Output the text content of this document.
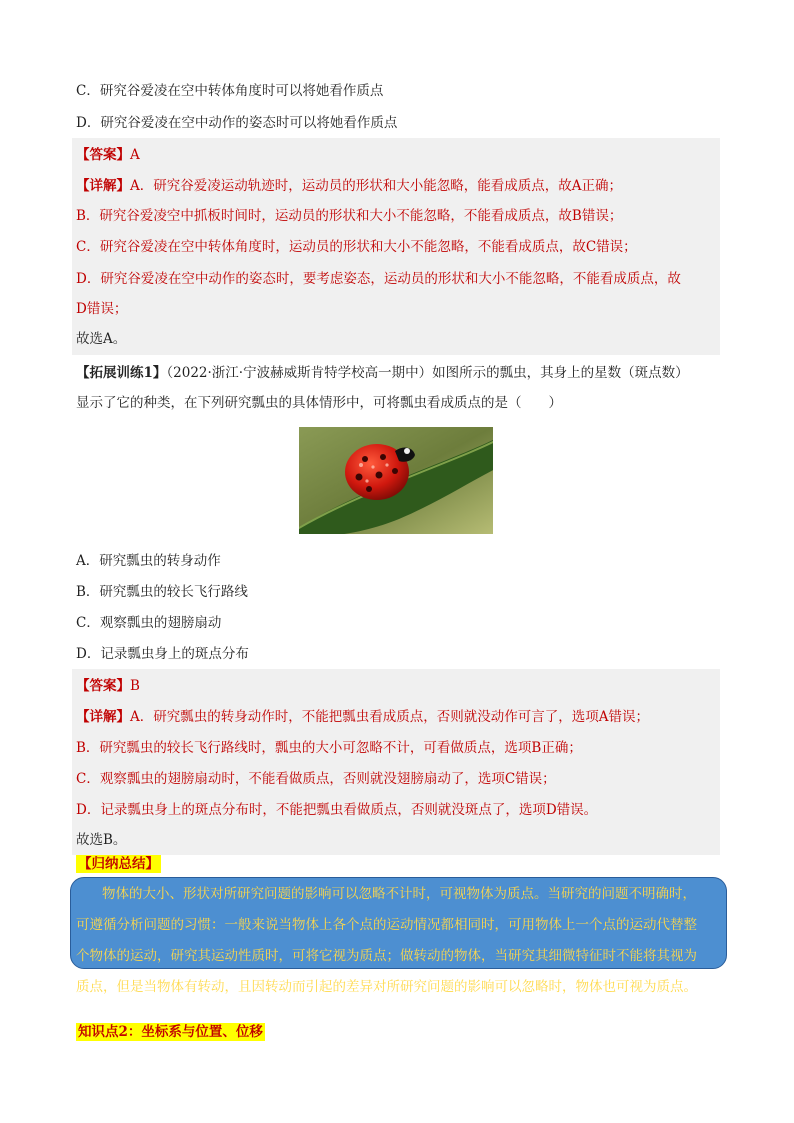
C．研究谷爱凌在空中转体角度时可以将她看作质点
D．研究谷爱凌在空中动作的姿态时可以将她看作质点
【答案】A
【详解】A．研究谷爱凌运动轨迹时，运动员的形状和大小能忽略，能看成质点，故A正确；
B．研究谷爱凌空中抓板时间时，运动员的形状和大小不能忽略，不能看成质点，故B错误；
C．研究谷爱凌在空中转体角度时，运动员的形状和大小不能忽略，不能看成质点，故C错误；
D．研究谷爱凌在空中动作的姿态时，要考虑姿态，运动员的形状和大小不能忽略，不能看成质点，故
D错误；
故选A。
【拓展训练1】（2022·浙江·宁波赫威斯肯特学校高一期中）如图所示的瓢虫，其身上的星数（斑点数）
显示了它的种类，在下列研究瓢虫的具体情形中，可将瓢虫看成质点的是（　　）
A．研究瓢虫的转身动作
B．研究瓢虫的较长飞行路线
C．观察瓢虫的翅膀扇动
D．记录瓢虫身上的斑点分布
【答案】B
【详解】A．研究瓢虫的转身动作时，不能把瓢虫看成质点，否则就没动作可言了，选项A错误；
B．研究瓢虫的较长飞行路线时，瓢虫的大小可忽略不计，可看做质点，选项B正确；
C．观察瓢虫的翅膀扇动时，不能看做质点，否则就没翅膀扇动了，选项C错误；
D．记录瓢虫身上的斑点分布时，不能把瓢虫看做质点，否则就没斑点了，选项D错误。
故选B。
【归纳总结】
物体的大小、形状对所研究问题的影响可以忽略不计时，可视物体为质点。当研究的问题不明确时，
可遵循分析问题的习惯：一般来说当物体上各个点的运动情况都相同时，可用物体上一个点的运动代替整
个物体的运动，研究其运动性质时，可将它视为质点；做转动的物体，当研究其细微特征时不能将其视为
质点，但是当物体有转动，且因转动而引起的差异对所研究问题的影响可以忽略时，物体也可视为质点。
知识点2：坐标系与位置、位移
